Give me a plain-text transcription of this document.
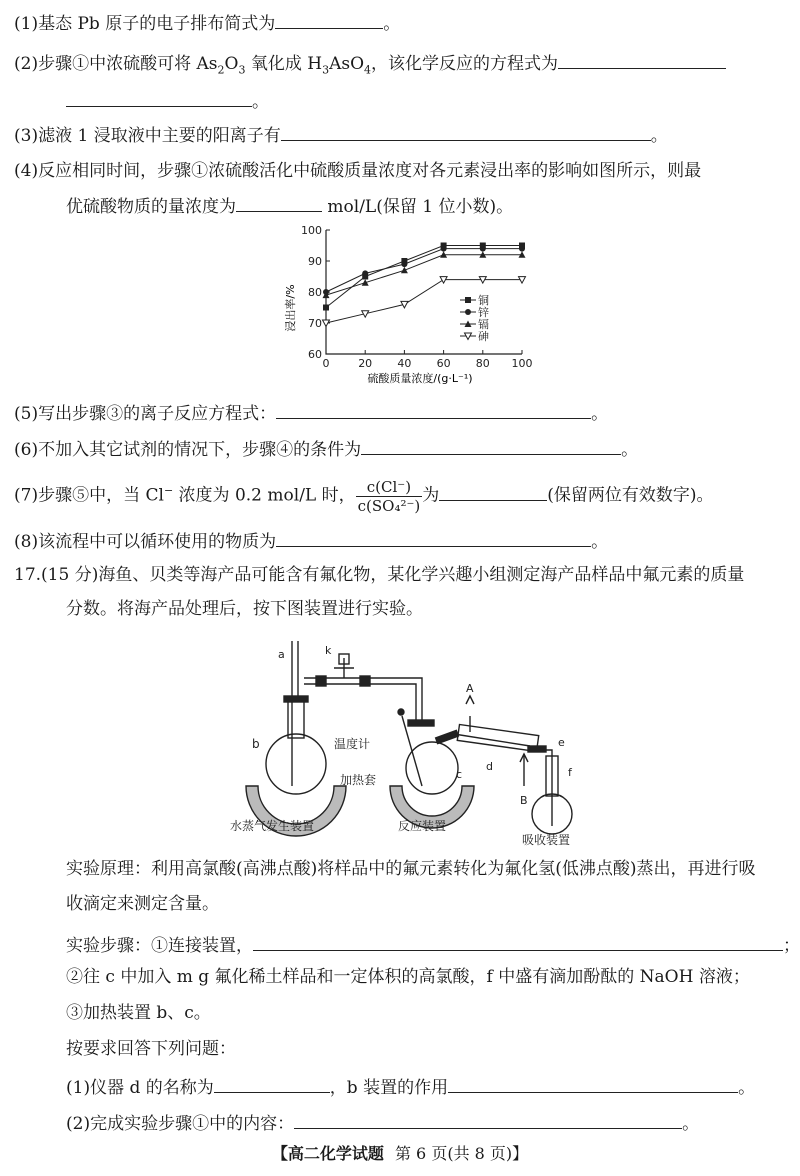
(1)基态 Pb 原子的电子排布简式为	。
(2)步骤①中浓硫酸可将 $As_2O_3$ 氧化成 $H_3AsO_4$，该化学反应的方程式为
。
(3)滤液 1 浸取液中主要的阳离子有	。
(4)反应相同时间，步骤①浓硫酸活化中硫酸质量浓度对各元素浸出率的影响如图所示，则最
优硫酸物质的量浓度为	mol/L(保留 1 位小数)。
浸出率/%
硫酸质量浓度/(g·L⁻¹)
60
70
80
90
100
0	20 40 60 80 100
铜
锌
镉
砷
(5)写出步骤③的离子反应方程式：	。
(6)不加入其它试剂的情况下，步骤④的条件为	。
(7)步骤⑤中，当 Cl− 浓度为 0.2 mol/L 时， $\frac{c(Cl^-)}{\text{c(SO₄²⁻)}}$ 为	(保留两位有效数字)。
(8)该流程中可以循环使用的物质为	。
17.(15 分)海鱼、贝类等海产品可能含有氟化物，某化学兴趣小组测定海产品样品中氟元素的质量
分数。将海产品处理后，按下图装置进行实验。
a
b
k
温度计
加热套	c
A
B
d
e
f
水蒸气发生装置	反应装置
吸收装置
实验原理：利用高氯酸(高沸点酸)将样品中的氟元素转化为氟化氢(低沸点酸)蒸出，再进行吸
收滴定来测定含量。
实验步骤：①连接装置，	；
②往 c 中加入 m g 氟化稀土样品和一定体积的高氯酸，f 中盛有滴加酚酞的 NaOH 溶液；
③加热装置 b、c。
按要求回答下列问题：
(1)仪器 d 的名称为	，b 装置的作用	。
(2)完成实验步骤①中的内容：	。
【高二化学试题 第 6 页(共 8 页)】
